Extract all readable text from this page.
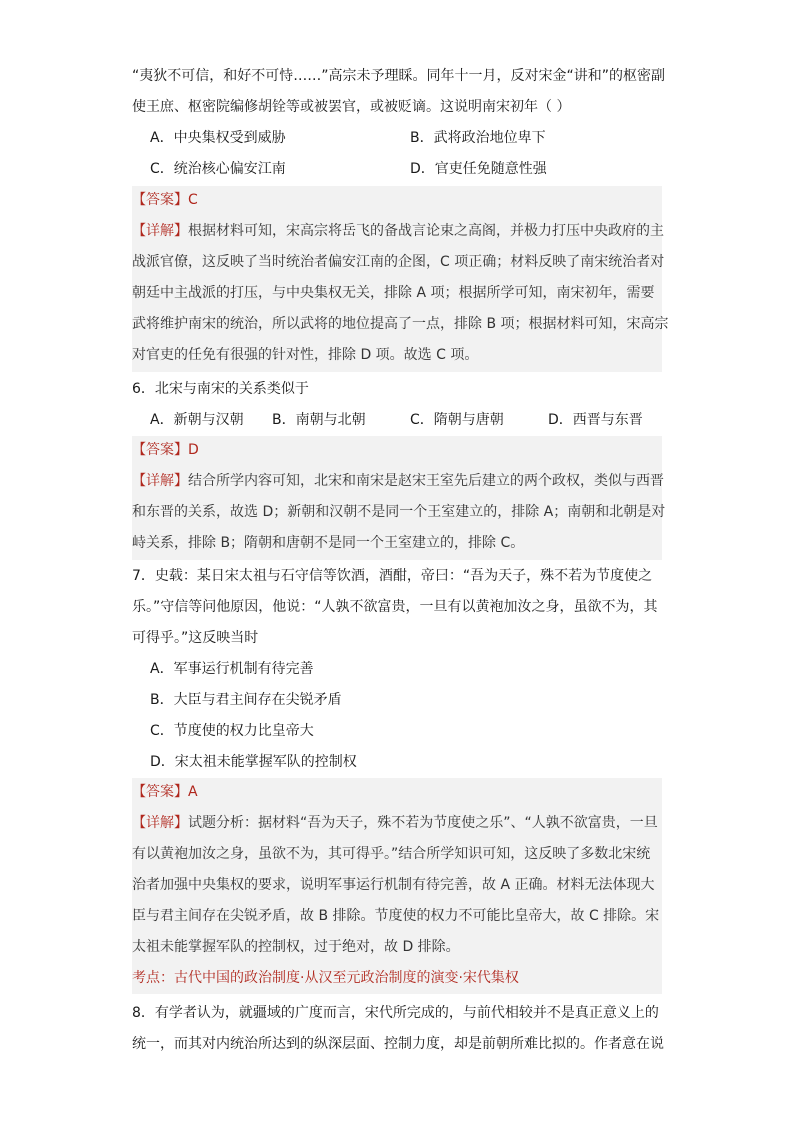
“夷狄不可信，和好不可恃……”高宗未予理睬。同年十一月，反对宋金“讲和”的枢密副
使王庶、枢密院编修胡铨等或被罢官，或被贬谪。这说明南宋初年（ ）
A．中央集权受到威胁	B．武将政治地位卑下
C．统治核心偏安江南	D．官吏任免随意性强
【答案】C
【详解】根据材料可知，宋高宗将岳飞的备战言论束之高阁，并极力打压中央政府的主
战派官僚，这反映了当时统治者偏安江南的企图，C 项正确；材料反映了南宋统治者对
朝廷中主战派的打压，与中央集权无关，排除 A 项；根据所学可知，南宋初年，需要
武将维护南宋的统治，所以武将的地位提高了一点，排除 B 项；根据材料可知，宋高宗
对官吏的任免有很强的针对性，排除 D 项。故选 C 项。
6．北宋与南宋的关系类似于
A．新朝与汉朝 B．南朝与北朝	C．隋朝与唐朝	D．西晋与东晋
【答案】D
【详解】结合所学内容可知，北宋和南宋是赵宋王室先后建立的两个政权，类似与西晋
和东晋的关系，故选 D；新朝和汉朝不是同一个王室建立的，排除 A；南朝和北朝是对
峙关系，排除 B；隋朝和唐朝不是同一个王室建立的，排除 C。
7．史载：某日宋太祖与石守信等饮酒，酒酣，帝曰：“吾为天子，殊不若为节度使之
乐。”守信等问他原因，他说：“人孰不欲富贵，一旦有以黄袍加汝之身，虽欲不为，其
可得乎。”这反映当时
A．军事运行机制有待完善
B．大臣与君主间存在尖锐矛盾
C．节度使的权力比皇帝大
D．宋太祖未能掌握军队的控制权
【答案】A
【详解】试题分析：据材料“吾为天子，殊不若为节度使之乐”、“人孰不欲富贵，一旦
有以黄袍加汝之身，虽欲不为，其可得乎。”结合所学知识可知，这反映了多数北宋统
治者加强中央集权的要求，说明军事运行机制有待完善，故 A 正确。材料无法体现大
臣与君主间存在尖锐矛盾，故 B 排除。节度使的权力不可能比皇帝大，故 C 排除。宋
太祖未能掌握军队的控制权，过于绝对，故 D 排除。
考点：古代中国的政治制度·从汉至元政治制度的演变·宋代集权
8．有学者认为，就疆域的广度而言，宋代所完成的，与前代相较并不是真正意义上的
统一，而其对内统治所达到的纵深层面、控制力度，却是前朝所难比拟的。作者意在说
